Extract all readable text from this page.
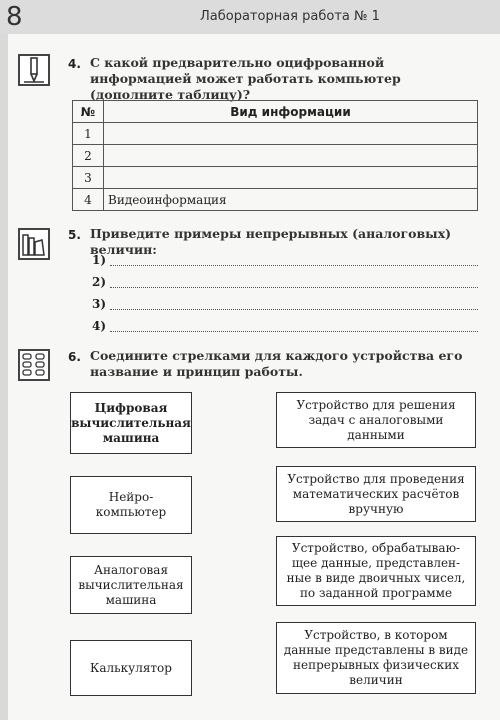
8	Лабораторная работа № 1
4. С какой предварительно оцифрованной информацией может работать компьютер (дополните таблицу)?
№	Вид информации
1	
2	
3	
4	Видеоинформация
5. Приведите примеры непрерывных (аналоговых) величин:
1)
2)
3)
4)
6. Соедините стрелками для каждого устройства его название и принцип работы.
Цифровая
вычислительная
машина
Нейро-
компьютер
Аналоговая
вычислительная
машина
Калькулятор
Устройство для решения
задач с аналоговыми
данными
Устройство для проведения
математических расчётов
вручную
Устройство, обрабатываю-
щее данные, представлен-
ные в виде двоичных чисел,
по заданной программе
Устройство, в котором
данные представлены в виде
непрерывных физических
величин
